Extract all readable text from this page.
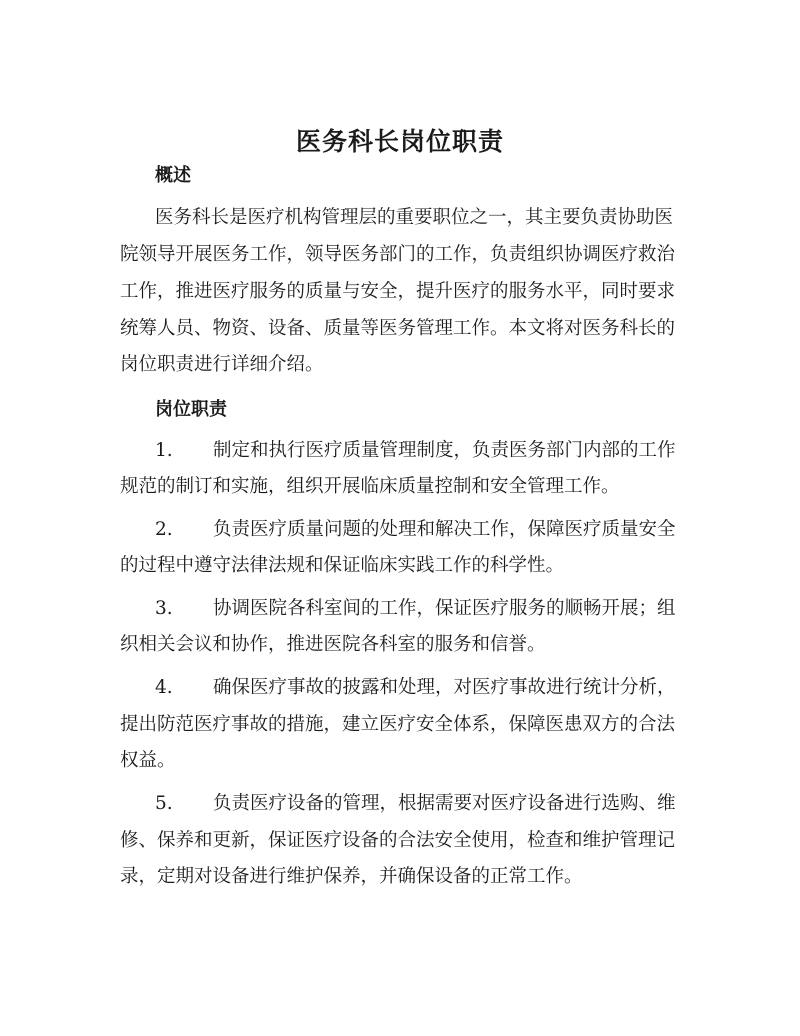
医务科长岗位职责
概述
医务科长是医疗机构管理层的重要职位之一，其主要负责协助医
院领导开展医务工作，领导医务部门的工作，负责组织协调医疗救治
工作，推进医疗服务的质量与安全，提升医疗的服务水平，同时要求
统筹人员、物资、设备、质量等医务管理工作。本文将对医务科长的
岗位职责进行详细介绍。
岗位职责
1. 制定和执行医疗质量管理制度，负责医务部门内部的工作
规范的制订和实施，组织开展临床质量控制和安全管理工作。
2. 负责医疗质量问题的处理和解决工作，保障医疗质量安全
的过程中遵守法律法规和保证临床实践工作的科学性。
3. 协调医院各科室间的工作，保证医疗服务的顺畅开展；组
织相关会议和协作，推进医院各科室的服务和信誉。
4. 确保医疗事故的披露和处理，对医疗事故进行统计分析，
提出防范医疗事故的措施，建立医疗安全体系，保障医患双方的合法
权益。
5. 负责医疗设备的管理，根据需要对医疗设备进行选购、维
修、保养和更新，保证医疗设备的合法安全使用，检查和维护管理记
录，定期对设备进行维护保养，并确保设备的正常工作。
